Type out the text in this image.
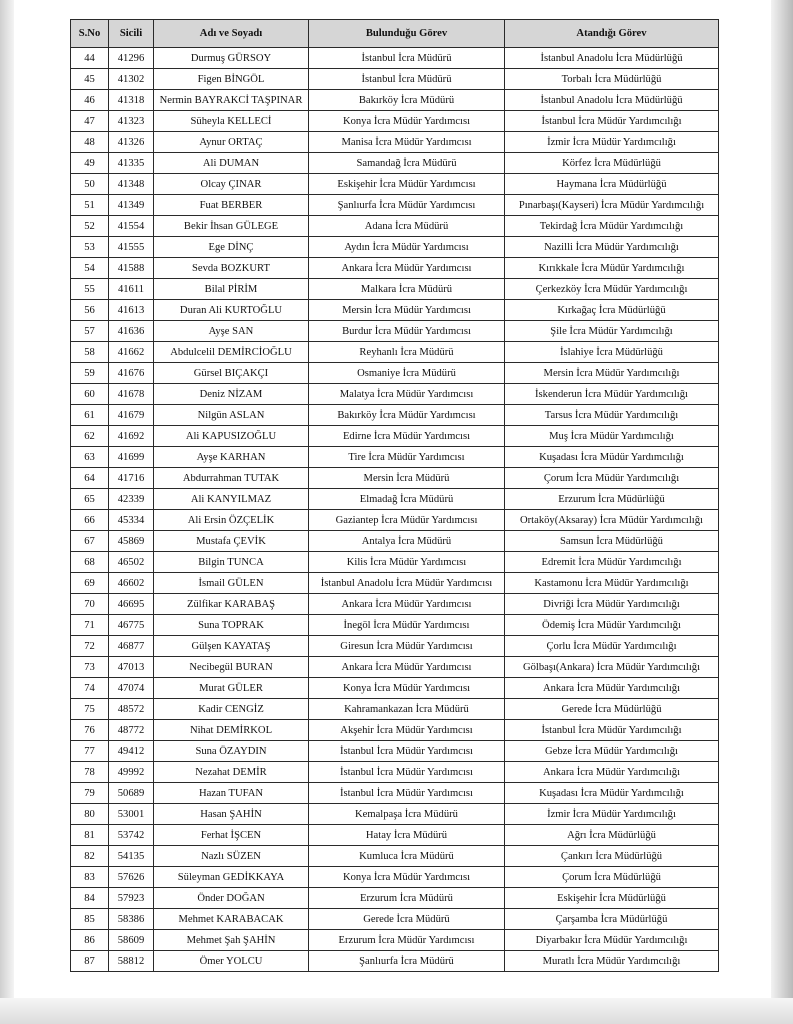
S.No	Sicili	Adı ve Soyadı	Bulunduğu Görev	Atandığı Görev
44	41296	Durmuş GÜRSOY	İstanbul İcra Müdürü	İstanbul Anadolu İcra Müdürlüğü
45	41302	Figen BİNGÖL	İstanbul İcra Müdürü	Torbalı İcra Müdürlüğü
46	41318	Nermin BAYRAKCİ TAŞPINAR	Bakırköy İcra Müdürü	İstanbul Anadolu İcra Müdürlüğü
47	41323	Süheyla KELLECİ	Konya İcra Müdür Yardımcısı	İstanbul İcra Müdür Yardımcılığı
48	41326	Aynur ORTAÇ	Manisa İcra Müdür Yardımcısı	İzmir İcra Müdür Yardımcılığı
49	41335	Ali DUMAN	Samandağ İcra Müdürü	Körfez İcra Müdürlüğü
50	41348	Olcay ÇINAR	Eskişehir İcra Müdür Yardımcısı	Haymana İcra Müdürlüğü
51	41349	Fuat BERBER	Şanlıurfa İcra Müdür Yardımcısı	Pınarbaşı(Kayseri) İcra Müdür Yardımcılığı
52	41554	Bekir İhsan GÜLEGE	Adana İcra Müdürü	Tekirdağ İcra Müdür Yardımcılığı
53	41555	Ege DİNÇ	Aydın İcra Müdür Yardımcısı	Nazilli İcra Müdür Yardımcılığı
54	41588	Sevda BOZKURT	Ankara İcra Müdür Yardımcısı	Kırıkkale İcra Müdür Yardımcılığı
55	41611	Bilal PİRİM	Malkara İcra Müdürü	Çerkezköy İcra Müdür Yardımcılığı
56	41613	Duran Ali KURTOĞLU	Mersin İcra Müdür Yardımcısı	Kırkağaç İcra Müdürlüğü
57	41636	Ayşe SAN	Burdur İcra Müdür Yardımcısı	Şile İcra Müdür Yardımcılığı
58	41662	Abdulcelil DEMİRCİOĞLU	Reyhanlı İcra Müdürü	İslahiye İcra Müdürlüğü
59	41676	Gürsel BIÇAKÇI	Osmaniye İcra Müdürü	Mersin İcra Müdür Yardımcılığı
60	41678	Deniz NİZAM	Malatya İcra Müdür Yardımcısı	İskenderun İcra Müdür Yardımcılığı
61	41679	Nilgün ASLAN	Bakırköy İcra Müdür Yardımcısı	Tarsus İcra Müdür Yardımcılığı
62	41692	Ali KAPUSIZOĞLU	Edirne İcra Müdür Yardımcısı	Muş İcra Müdür Yardımcılığı
63	41699	Ayşe KARHAN	Tire İcra Müdür Yardımcısı	Kuşadası İcra Müdür Yardımcılığı
64	41716	Abdurrahman TUTAK	Mersin İcra Müdürü	Çorum İcra Müdür Yardımcılığı
65	42339	Ali KANYILMAZ	Elmadağ İcra Müdürü	Erzurum İcra Müdürlüğü
66	45334	Ali Ersin ÖZÇELİK	Gaziantep İcra Müdür Yardımcısı	Ortaköy(Aksaray) İcra Müdür Yardımcılığı
67	45869	Mustafa ÇEVİK	Antalya İcra Müdürü	Samsun İcra Müdürlüğü
68	46502	Bilgin TUNCA	Kilis İcra Müdür Yardımcısı	Edremit İcra Müdür Yardımcılığı
69	46602	İsmail GÜLEN	İstanbul Anadolu İcra Müdür Yardımcısı	Kastamonu İcra Müdür Yardımcılığı
70	46695	Zülfikar KARABAŞ	Ankara İcra Müdür Yardımcısı	Divriği İcra Müdür Yardımcılığı
71	46775	Suna TOPRAK	İnegöl İcra Müdür Yardımcısı	Ödemiş İcra Müdür Yardımcılığı
72	46877	Gülşen KAYATAŞ	Giresun İcra Müdür Yardımcısı	Çorlu İcra Müdür Yardımcılığı
73	47013	Necibegül BURAN	Ankara İcra Müdür Yardımcısı	Gölbaşı(Ankara) İcra Müdür Yardımcılığı
74	47074	Murat GÜLER	Konya İcra Müdür Yardımcısı	Ankara İcra Müdür Yardımcılığı
75	48572	Kadir CENGİZ	Kahramankazan İcra Müdürü	Gerede İcra Müdürlüğü
76	48772	Nihat DEMİRKOL	Akşehir İcra Müdür Yardımcısı	İstanbul İcra Müdür Yardımcılığı
77	49412	Suna ÖZAYDIN	İstanbul İcra Müdür Yardımcısı	Gebze İcra Müdür Yardımcılığı
78	49992	Nezahat DEMİR	İstanbul İcra Müdür Yardımcısı	Ankara İcra Müdür Yardımcılığı
79	50689	Hazan TUFAN	İstanbul İcra Müdür Yardımcısı	Kuşadası İcra Müdür Yardımcılığı
80	53001	Hasan ŞAHİN	Kemalpaşa İcra Müdürü	İzmir İcra Müdür Yardımcılığı
81	53742	Ferhat İŞCEN	Hatay İcra Müdürü	Ağrı İcra Müdürlüğü
82	54135	Nazlı SÜZEN	Kumluca İcra Müdürü	Çankırı İcra Müdürlüğü
83	57626	Süleyman GEDİKKAYA	Konya İcra Müdür Yardımcısı	Çorum İcra Müdürlüğü
84	57923	Önder DOĞAN	Erzurum İcra Müdürü	Eskişehir İcra Müdürlüğü
85	58386	Mehmet KARABACAK	Gerede İcra Müdürü	Çarşamba İcra Müdürlüğü
86	58609	Mehmet Şah ŞAHİN	Erzurum İcra Müdür Yardımcısı	Diyarbakır İcra Müdür Yardımcılığı
87	58812	Ömer YOLCU	Şanlıurfa İcra Müdürü	Muratlı İcra Müdür Yardımcılığı
